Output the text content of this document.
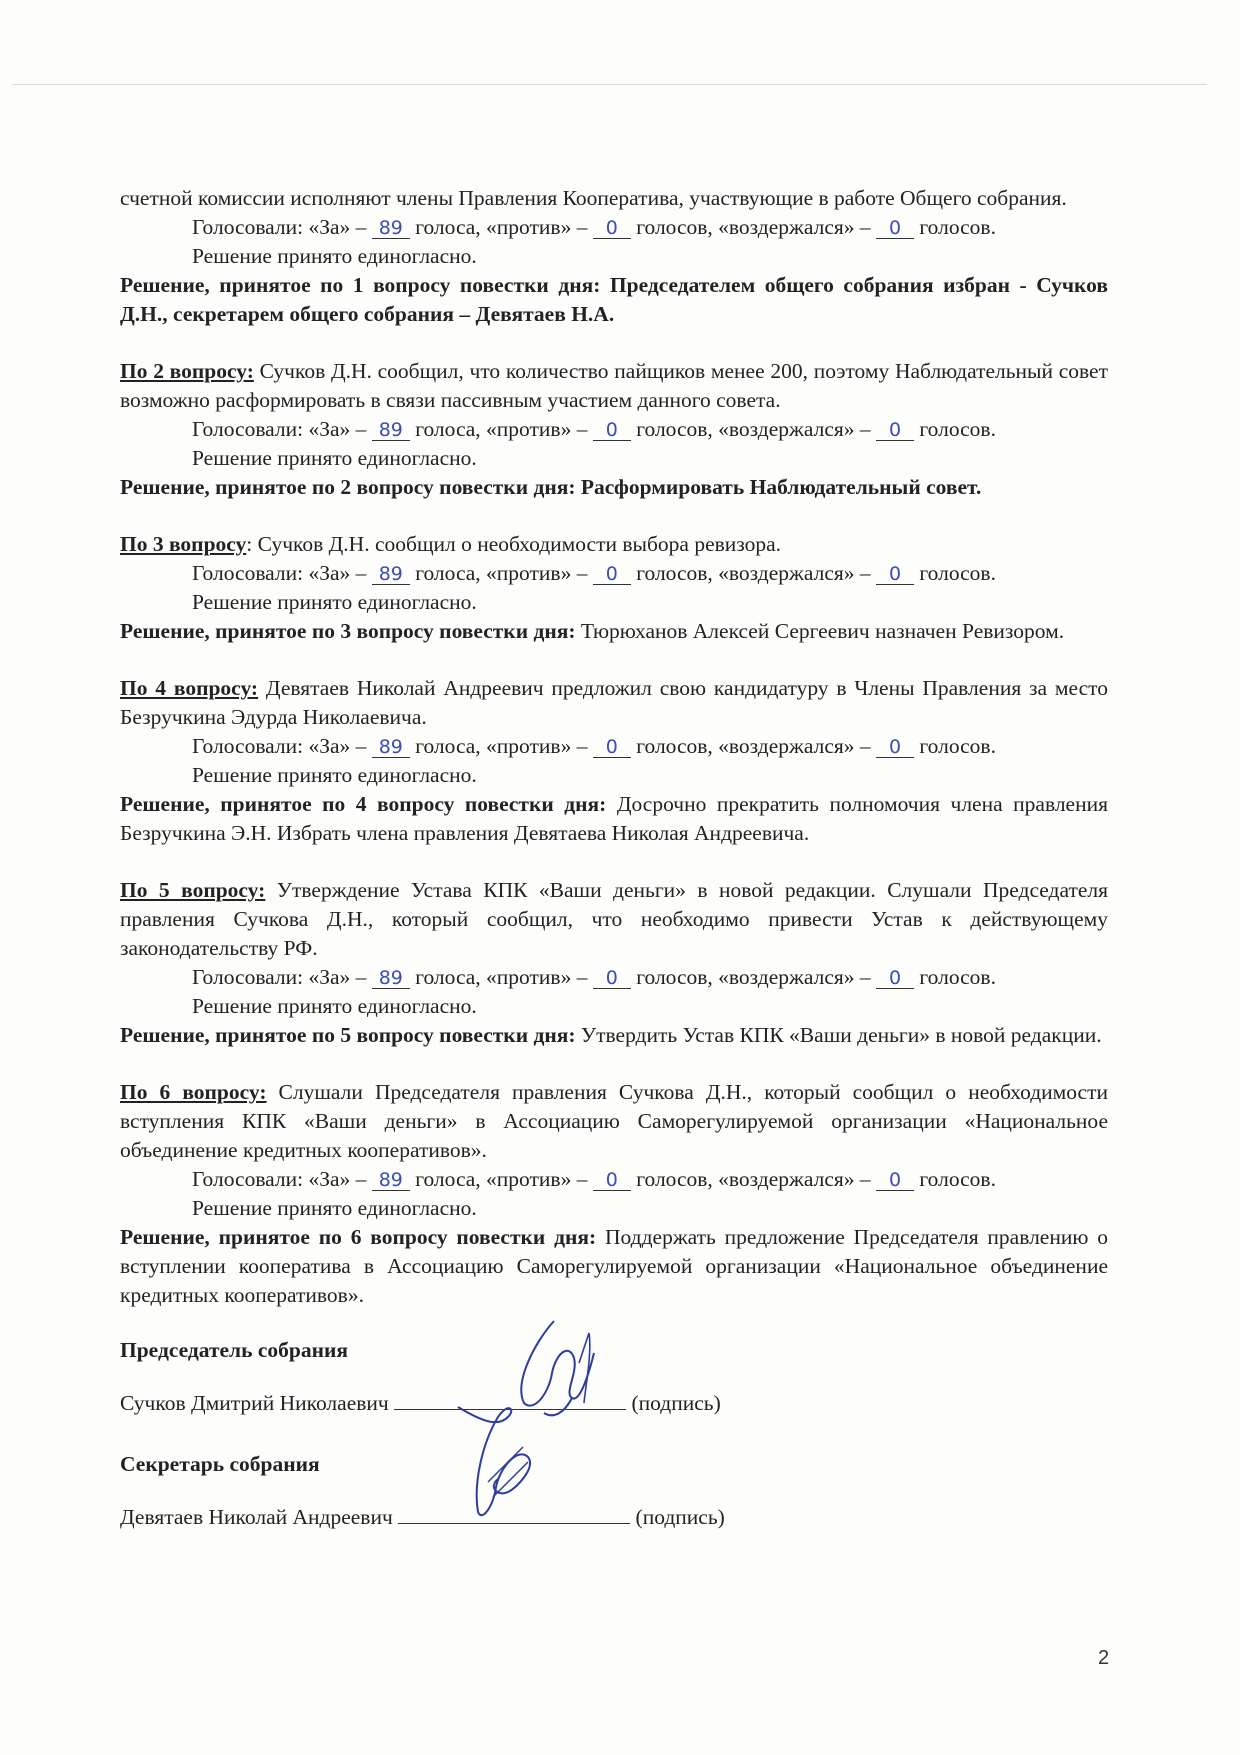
счетной комиссии исполняют члены Правления Кооператива, участвующие в работе Общего собрания.

Голосовали: «За» – 89 голоса, «против» – 0 голосов, «воздержался» – 0 голосов.

Решение принято единогласно.

Решение, принятое по 1 вопросу повестки дня: Председателем общего собрания избран - Сучков Д.Н., секретарем общего собрания – Девятаев Н.А.

По 2 вопросу: Сучков Д.Н. сообщил, что количество пайщиков менее 200, поэтому Наблюдательный совет возможно расформировать в связи пассивным участием данного совета.

Голосовали: «За» – 89 голоса, «против» – 0 голосов, «воздержался» – 0 голосов.

Решение принято единогласно.

Решение, принятое по 2 вопросу повестки дня: Расформировать Наблюдательный совет.

По 3 вопросу: Сучков Д.Н. сообщил о необходимости выбора ревизора.

Голосовали: «За» – 89 голоса, «против» – 0 голосов, «воздержался» – 0 голосов.

Решение принято единогласно.

Решение, принятое по 3 вопросу повестки дня: Тюрюханов Алексей Сергеевич назначен Ревизором.

По 4 вопросу: Девятаев Николай Андреевич предложил свою кандидатуру в Члены Правления за место Безручкина Эдурда Николаевича.

Голосовали: «За» – 89 голоса, «против» – 0 голосов, «воздержался» – 0 голосов.

Решение принято единогласно.

Решение, принятое по 4 вопросу повестки дня: Досрочно прекратить полномочия члена правления Безручкина Э.Н. Избрать члена правления Девятаева Николая Андреевича.

По 5 вопросу: Утверждение Устава КПК «Ваши деньги» в новой редакции. Слушали Председателя правления Сучкова Д.Н., который сообщил, что необходимо привести Устав к действующему законодательству РФ.

Голосовали: «За» – 89 голоса, «против» – 0 голосов, «воздержался» – 0 голосов.

Решение принято единогласно.

Решение, принятое по 5 вопросу повестки дня: Утвердить Устав КПК «Ваши деньги» в новой редакции.

По 6 вопросу: Слушали Председателя правления Сучкова Д.Н., который сообщил о необходимости вступления КПК «Ваши деньги» в Ассоциацию Саморегулируемой организации «Национальное объединение кредитных кооперативов».

Голосовали: «За» – 89 голоса, «против» – 0 голосов, «воздержался» – 0 голосов.

Решение принято единогласно.

Решение, принятое по 6 вопросу повестки дня: Поддержать предложение Председателя правлению о вступлении кооператива в Ассоциацию Саморегулируемой организации «Национальное объединение кредитных кооперативов».

Председатель собрания

Сучков Дмитрий Николаевич	(подпись)

Секретарь собрания

Девятаев Николай Андреевич	(подпись)

2
